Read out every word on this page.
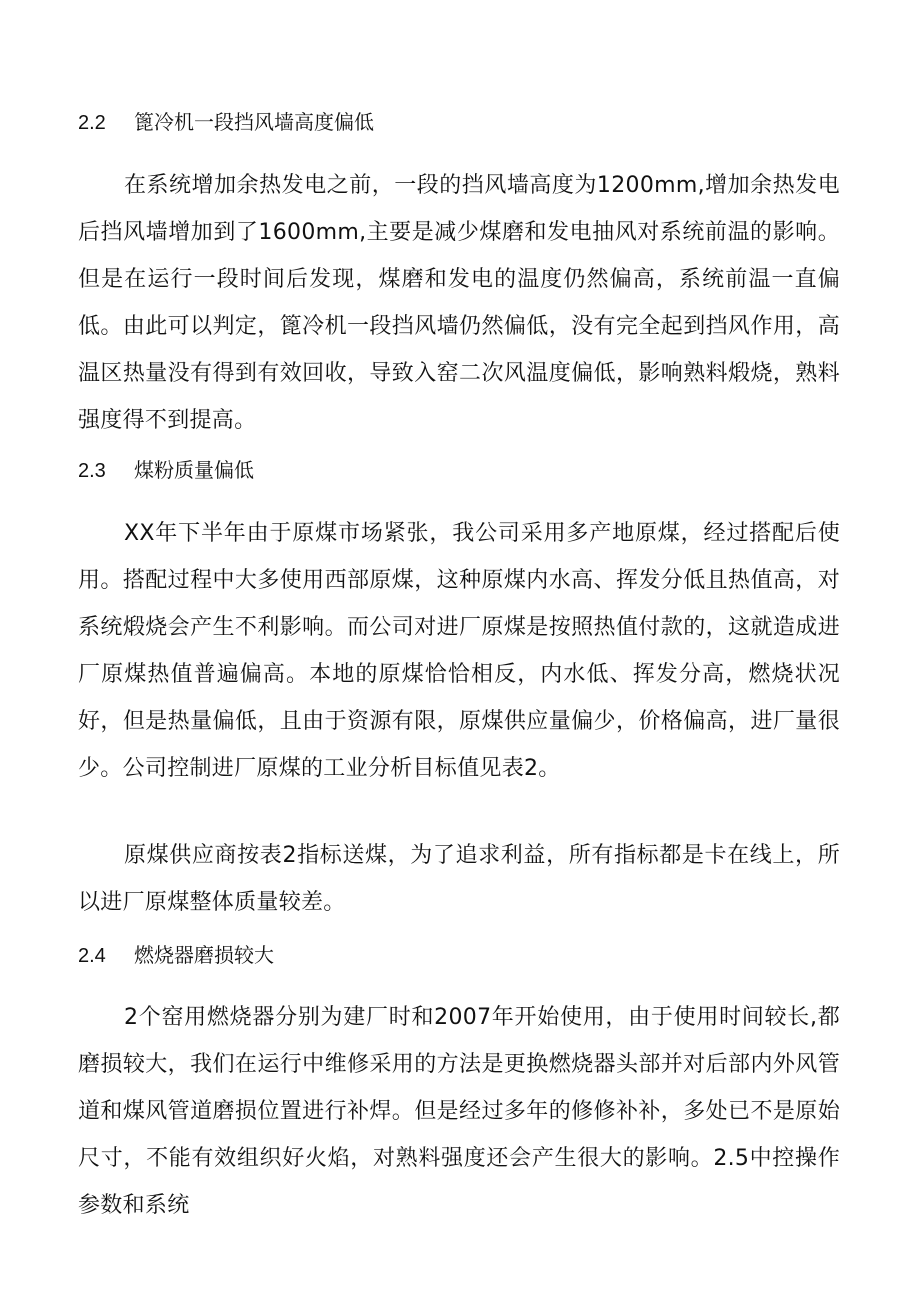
2.2 篦冷机一段挡风墙高度偏低
在系统增加余热发电之前，一段的挡风墙高度为1200mm,增加余热发电后挡风墙增加到了1600mm,主要是减少煤磨和发电抽风对系统前温的影响。但是在运行一段时间后发现，煤磨和发电的温度仍然偏高，系统前温一直偏低。由此可以判定，篦冷机一段挡风墙仍然偏低，没有完全起到挡风作用，高温区热量没有得到有效回收，导致入窑二次风温度偏低，影响熟料煅烧，熟料强度得不到提高。
2.3 煤粉质量偏低
XX年下半年由于原煤市场紧张，我公司采用多产地原煤，经过搭配后使用。搭配过程中大多使用西部原煤，这种原煤内水高、挥发分低且热值高，对系统煅烧会产生不利影响。而公司对进厂原煤是按照热值付款的，这就造成进厂原煤热值普遍偏高。本地的原煤恰恰相反，内水低、挥发分高，燃烧状况好，但是热量偏低，且由于资源有限，原煤供应量偏少，价格偏高，进厂量很少。公司控制进厂原煤的工业分析目标值见表2。
原煤供应商按表2指标送煤，为了追求利益，所有指标都是卡在线上，所以进厂原煤整体质量较差。
2.4 燃烧器磨损较大
2个窑用燃烧器分别为建厂时和2007年开始使用，由于使用时间较长,都磨损较大，我们在运行中维修采用的方法是更换燃烧器头部并对后部内外风管道和煤风管道磨损位置进行补焊。但是经过多年的修修补补，多处已不是原始尺寸，不能有效组织好火焰，对熟料强度还会产生很大的影响。2.5中控操作参数和系统
